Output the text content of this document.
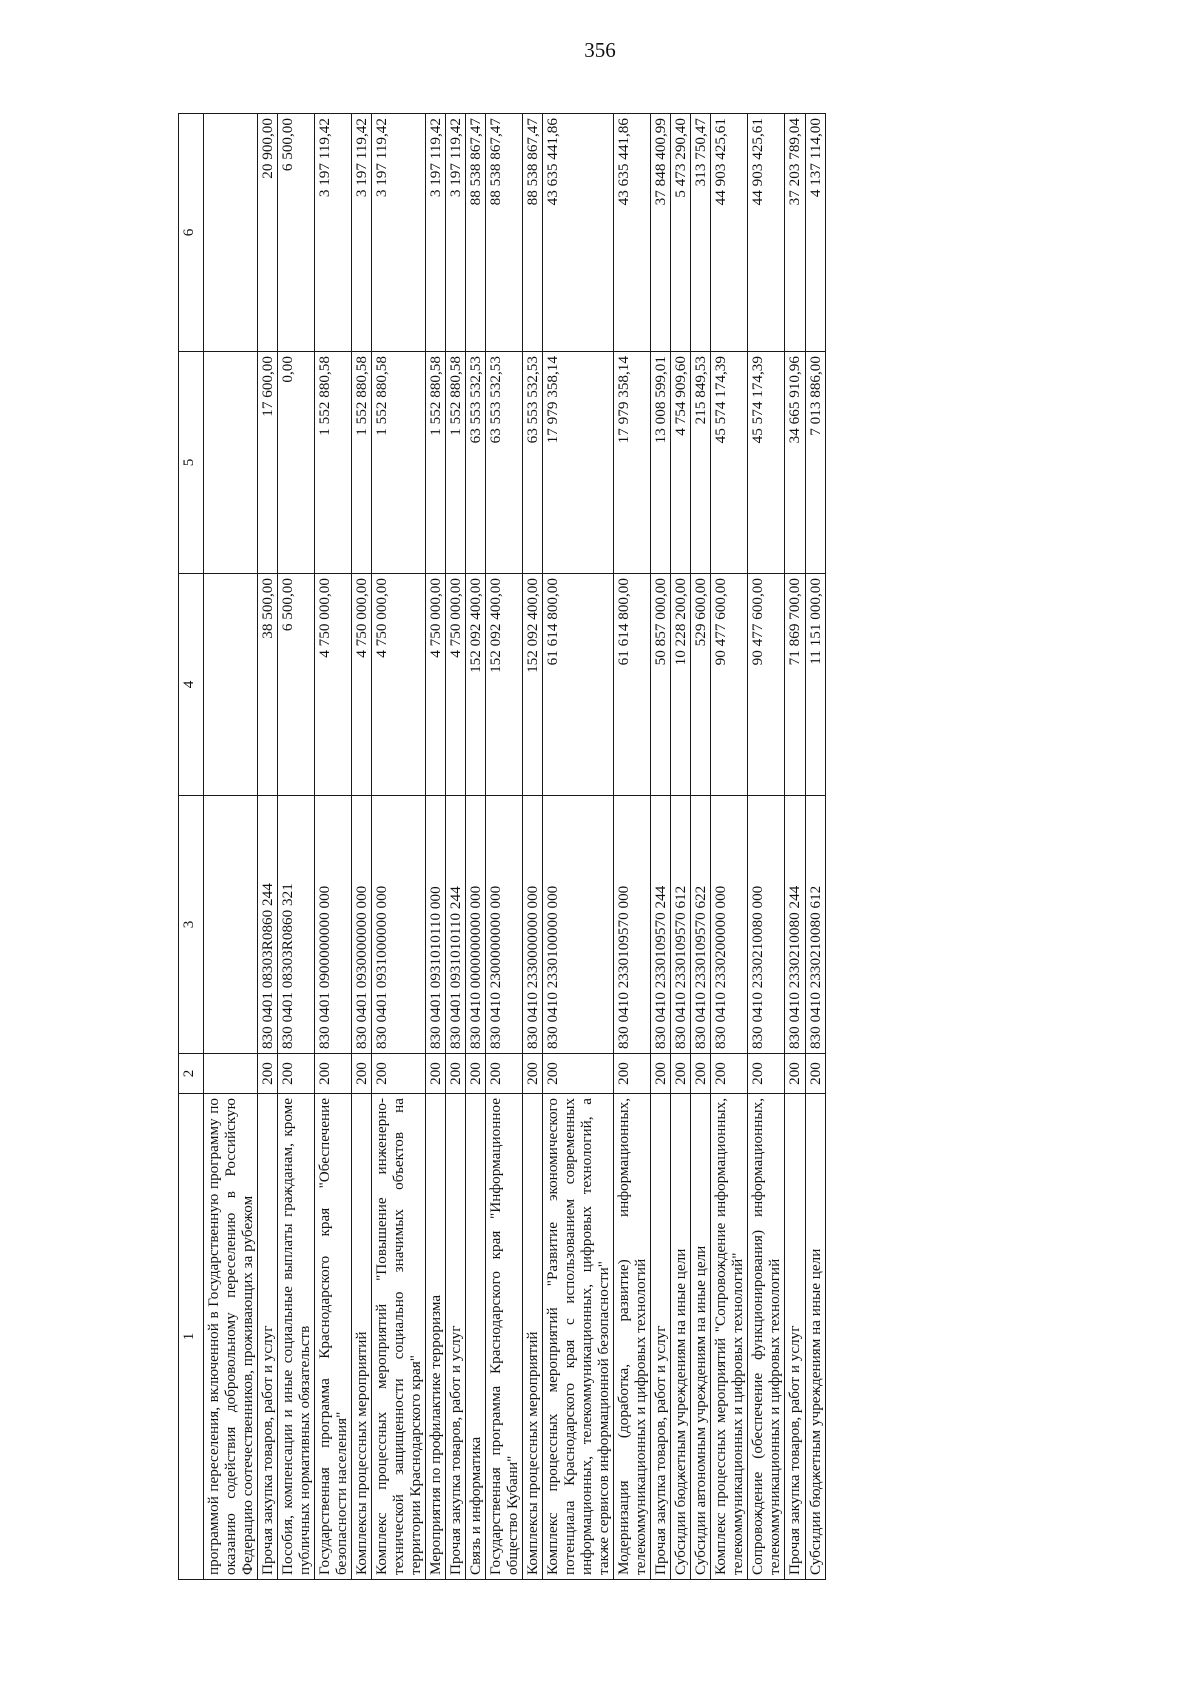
356
1	2	3	4	5	6
программой переселения, включенной в Государственную программу по оказанию содействия добровольному переселению в Российскую Федерацию соотечественников, проживающих за рубежом					
Прочая закупка товаров, работ и услуг	200	830 0401 08303R0860 244	38 500,00	17 600,00	20 900,00
Пособия, компенсации и иные социальные выплаты гражданам, кроме публичных нормативных обязательств	200	830 0401 08303R0860 321	6 500,00	0,00	6 500,00
Государственная программа Краснодарского края "Обеспечение безопасности населения"	200	830 0401 0900000000 000	4 750 000,00	1 552 880,58	3 197 119,42
Комплексы процессных мероприятий	200	830 0401 0930000000 000	4 750 000,00	1 552 880,58	3 197 119,42
Комплекс процессных мероприятий "Повышение инженерно-технической защищенности социально значимых объектов на территории Краснодарского края"	200	830 0401 0931000000 000	4 750 000,00	1 552 880,58	3 197 119,42
Мероприятия по профилактике терроризма	200	830 0401 0931010110 000	4 750 000,00	1 552 880,58	3 197 119,42
Прочая закупка товаров, работ и услуг	200	830 0401 0931010110 244	4 750 000,00	1 552 880,58	3 197 119,42
Связь и информатика	200	830 0410 0000000000 000	152 092 400,00	63 553 532,53	88 538 867,47
Государственная программа Краснодарского края "Информационное общество Кубани"	200	830 0410 2300000000 000	152 092 400,00	63 553 532,53	88 538 867,47
Комплексы процессных мероприятий	200	830 0410 2330000000 000	152 092 400,00	63 553 532,53	88 538 867,47
Комплекс процессных мероприятий "Развитие экономического потенциала Краснодарского края с использованием современных информационных, телекоммуникационных, цифровых технологий, а также сервисов информационной безопасности"	200	830 0410 2330100000 000	61 614 800,00	17 979 358,14	43 635 441,86
Модернизация (доработка, развитие) информационных, телекоммуникационных и цифровых технологий	200	830 0410 2330109570 000	61 614 800,00	17 979 358,14	43 635 441,86
Прочая закупка товаров, работ и услуг	200	830 0410 2330109570 244	50 857 000,00	13 008 599,01	37 848 400,99
Субсидии бюджетным учреждениям на иные цели	200	830 0410 2330109570 612	10 228 200,00	4 754 909,60	5 473 290,40
Субсидии автономным учреждениям на иные цели	200	830 0410 2330109570 622	529 600,00	215 849,53	313 750,47
Комплекс процессных мероприятий "Сопровождение информационных, телекоммуникационных и цифровых технологий"	200	830 0410 2330200000 000	90 477 600,00	45 574 174,39	44 903 425,61
Сопровождение (обеспечение функционирования) информационных, телекоммуникационных и цифровых технологий	200	830 0410 2330210080 000	90 477 600,00	45 574 174,39	44 903 425,61
Прочая закупка товаров, работ и услуг	200	830 0410 2330210080 244	71 869 700,00	34 665 910,96	37 203 789,04
Субсидии бюджетным учреждениям на иные цели	200	830 0410 2330210080 612	11 151 000,00	7 013 886,00	4 137 114,00
